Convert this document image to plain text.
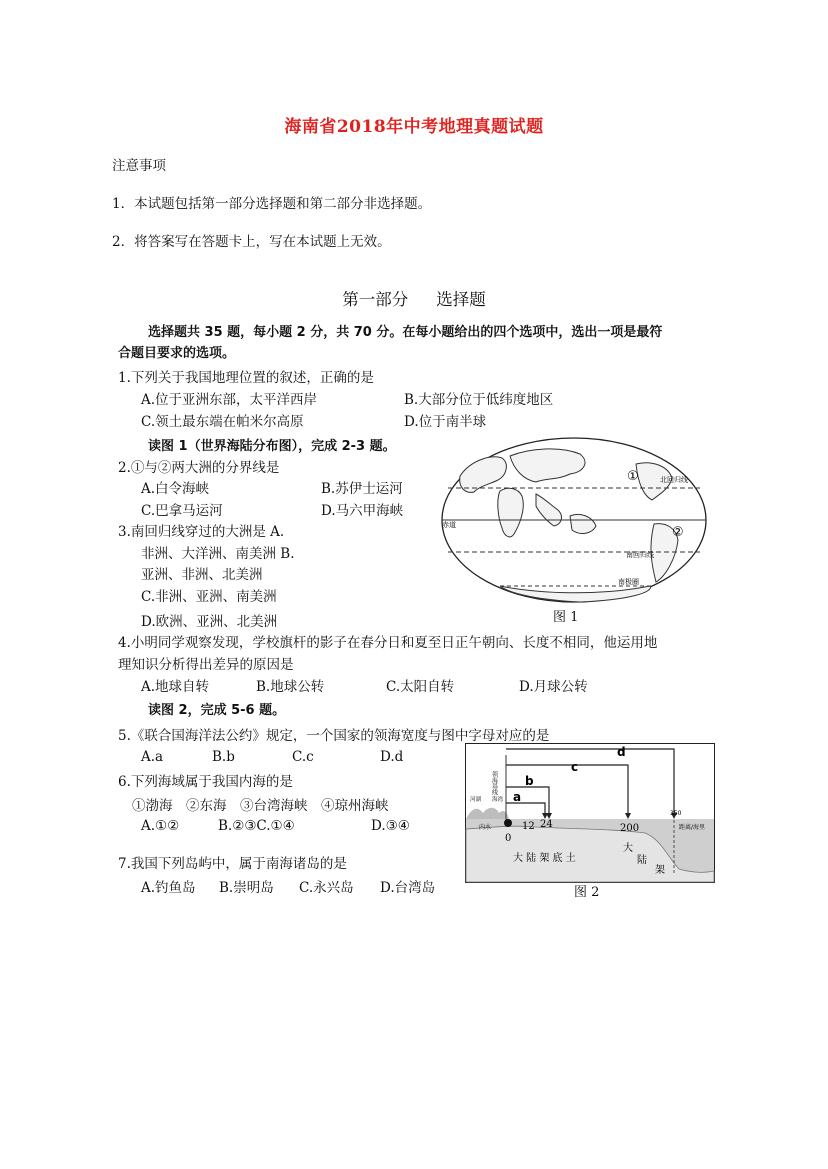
海南省2018年中考地理真题试题
注意事项
1．本试题包括第一部分选择题和第二部分非选择题。
2．将答案写在答题卡上，写在本试题上无效。
第一部分 选择题
选择题共 35 题，每小题 2 分，共 70 分。在每小题给出的四个选项中，选出一项是最符
合题目要求的选项。
1.下列关于我国地理位置的叙述，正确的是
A.位于亚洲东部，太平洋西岸	B.大部分位于低纬度地区
C.领土最东端在帕米尔高原	D.位于南半球
读图 1（世界海陆分布图），完成 2-3 题。
2.①与②两大洲的分界线是
A.白令海峡	B.苏伊士运河
C.巴拿马运河	D.马六甲海峡
3.南回归线穿过的大洲是 A.
非洲、大洋洲、南美洲 B.
亚洲、非洲、北美洲
C.非洲、亚洲、南美洲
D.欧洲、亚洲、北美洲
①
②
北回归线
赤道
南回归线
南极圈
图 1
4.小明同学观察发现，学校旗杆的影子在春分日和夏至日正午朝向、长度不相同，他运用地
理知识分析得出差异的原因是
A.地球自转	B.地球公转	C.太阳自转	D.月球公转
读图 2，完成 5-6 题。
5.《联合国海洋法公约》规定，一个国家的领海宽度与图中字母对应的是
A.a	B.b	C.c	D.d
6.下列海域属于我国内海的是
①渤海　②东海　③台湾海峡　④琼州海峡
A.①②	B.②③C.①④	D.③④
7.我国下列岛屿中，属于南海诸岛的是
A.钓鱼岛 B.崇明岛 C.永兴岛 D.台湾岛
a
b
c
d
0
12 24	200
350
领海基线
河湖 海湾
内水	距离/海里
大 陆 架 底 土
大
陆
架
图 2
